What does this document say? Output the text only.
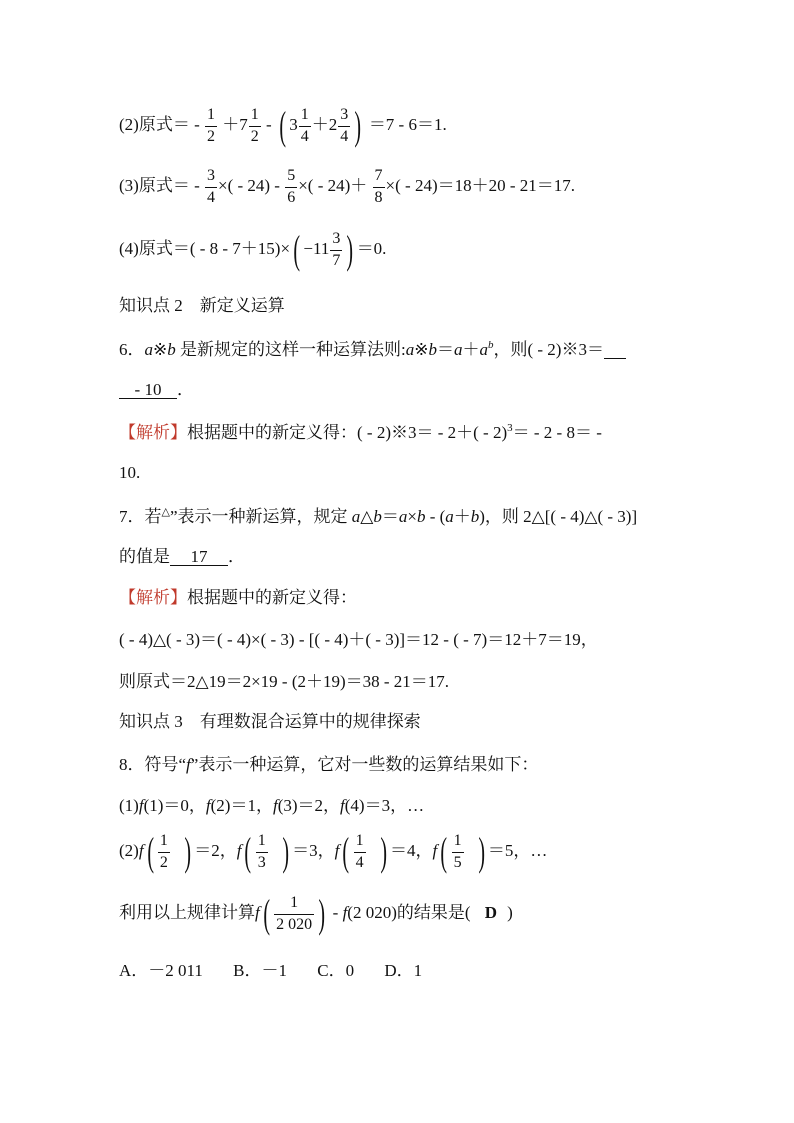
(2)原式＝ - $\frac{1}{2} +7 \frac{1}{2}$ - ( $3 \frac{1}{4} +2 \frac{3}{4}$ ) ＝7 - 6＝1.
(3)原式＝ - $\frac{3}{4}$ ×( - $24) - \frac{5}{6}$ ×( - $24)+ \frac{7}{8}$ ×( - 24)＝18＋20 - 21＝17.
(4)原式＝( - $8 - 7+15)\times( -11 \frac{3}{7}$ ) ＝0.
知识点 2　新定义运算
6．a※b 是新规定的这样一种运算法则$:a※b=a+a^b$，则( - 2)※3＝
- 10 ．
【解析】根据题中的新定义得：( - 2)※3＝ - 2＋( - 2)$^3$＝ - 2 - 8＝ -
10.
7．若△”表示一种新运算，规定 a△b＝a×b - (a＋b)，则 2△[( - 4)△( - 3)]
的值是 17 ．
【解析】根据题中的新定义得：
( - 4)△( - 3)＝( - 4)×( - 3) - [( - 4)＋( - 3)]＝12 - ( - 7)＝12＋7＝19，
则原式＝2△19＝2×19 - (2＋19)＝38 - 21＝17.
知识点 3　有理数混合运算中的规律探索
8．符号“f”表示一种运算，它对一些数的运算结果如下：
(1)f(1)＝0，f(2)＝1，f(3)＝2，f(4)＝3，…
$(2)f( \frac{1}{2}$ ) ＝2，$f( \frac{1}{3}$ ) ＝3，$f( \frac{1}{4}$ ) ＝4，$f( \frac{1}{5}$ ) ＝5，…
利用以上规律计算$f( \frac{1}{2 020}$ ) - f(2 020)的结果是( D )
A．－2 011 B．－1 C．0 D．1
